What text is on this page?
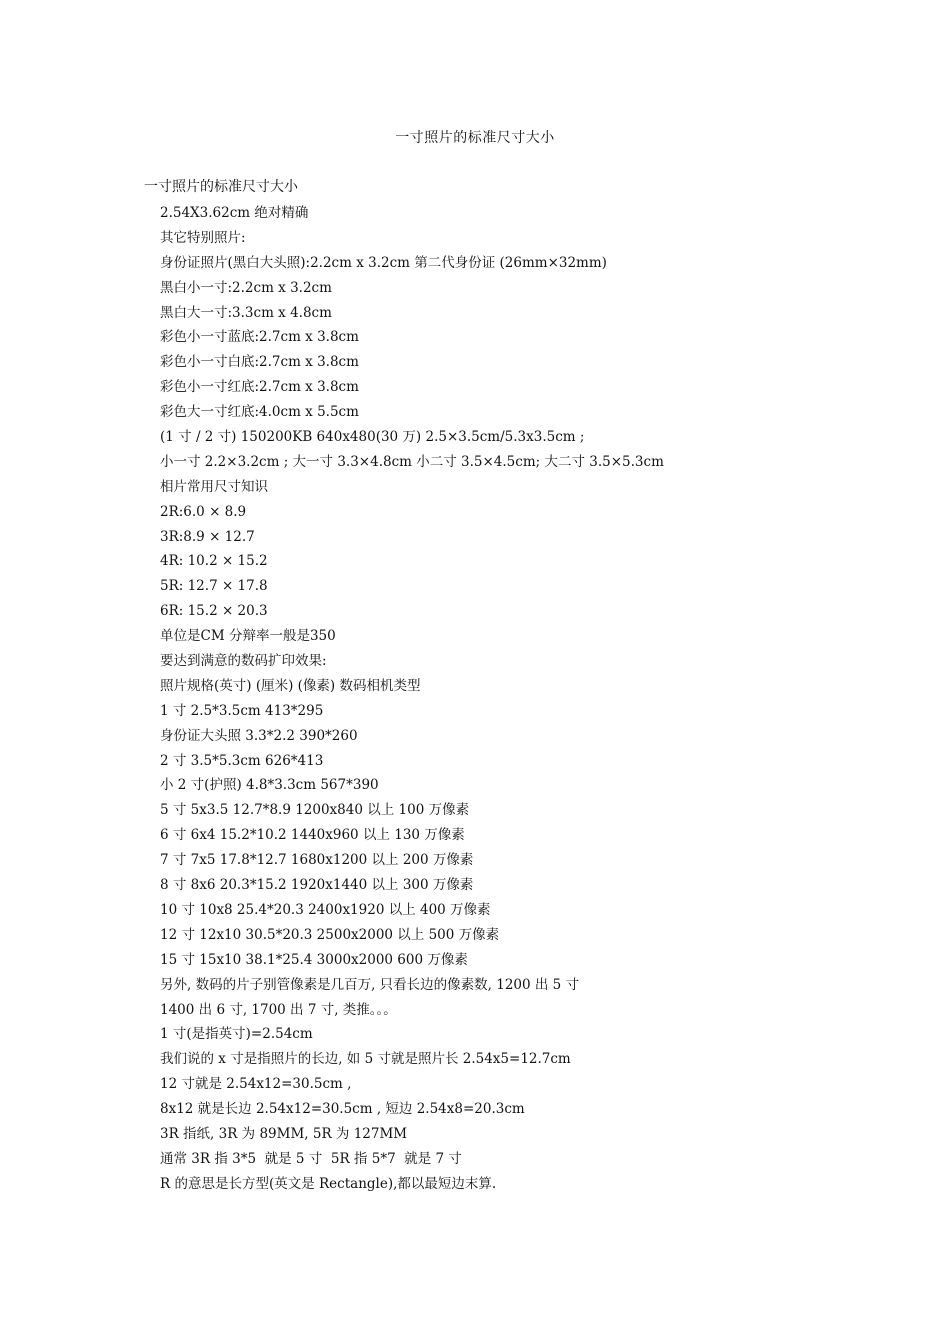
一寸照片的标准尺寸大小
一寸照片的标准尺寸大小
2.54X3.62cm 绝对精确
其它特别照片:
身份证照片(黑白大头照):2.2cm x 3.2cm 第二代身份证 (26mm×32mm)
黑白小一寸:2.2cm x 3.2cm
黑白大一寸:3.3cm x 4.8cm
彩色小一寸蓝底:2.7cm x 3.8cm
彩色小一寸白底:2.7cm x 3.8cm
彩色小一寸红底:2.7cm x 3.8cm
彩色大一寸红底:4.0cm x 5.5cm
(1 寸 / 2 寸) 150200KB 640x480(30 万) 2.5×3.5cm/5.3x3.5cm ;
小一寸 2.2×3.2cm ; 大一寸 3.3×4.8cm 小二寸 3.5×4.5cm; 大二寸 3.5×5.3cm
相片常用尺寸知识
2R:6.0 × 8.9
3R:8.9 × 12.7
4R: 10.2 × 15.2
5R: 12.7 × 17.8
6R: 15.2 × 20.3
单位是CM 分辩率一般是350
要达到满意的数码扩印效果:
照片规格(英寸) (厘米) (像素) 数码相机类型
1 寸 2.5*3.5cm 413*295
身份证大头照 3.3*2.2 390*260
2 寸 3.5*5.3cm 626*413
小 2 寸(护照) 4.8*3.3cm 567*390
5 寸 5x3.5 12.7*8.9 1200x840 以上 100 万像素
6 寸 6x4 15.2*10.2 1440x960 以上 130 万像素
7 寸 7x5 17.8*12.7 1680x1200 以上 200 万像素
8 寸 8x6 20.3*15.2 1920x1440 以上 300 万像素
10 寸 10x8 25.4*20.3 2400x1920 以上 400 万像素
12 寸 12x10 30.5*20.3 2500x2000 以上 500 万像素
15 寸 15x10 38.1*25.4 3000x2000 600 万像素
另外, 数码的片子别管像素是几百万, 只看长边的像素数, 1200 出 5 寸
1400 出 6 寸, 1700 出 7 寸, 类推。。。
1 寸(是指英寸)=2.54cm
我们说的 x 寸是指照片的长边, 如 5 寸就是照片长 2.54x5=12.7cm
12 寸就是 2.54x12=30.5cm ,
8x12 就是长边 2.54x12=30.5cm , 短边 2.54x8=20.3cm
3R 指纸, 3R 为 89MM, 5R 为 127MM
通常 3R 指 3*5  就是 5 寸  5R 指 5*7  就是 7 寸
R 的意思是长方型(英文是 Rectangle),都以最短边末算.
